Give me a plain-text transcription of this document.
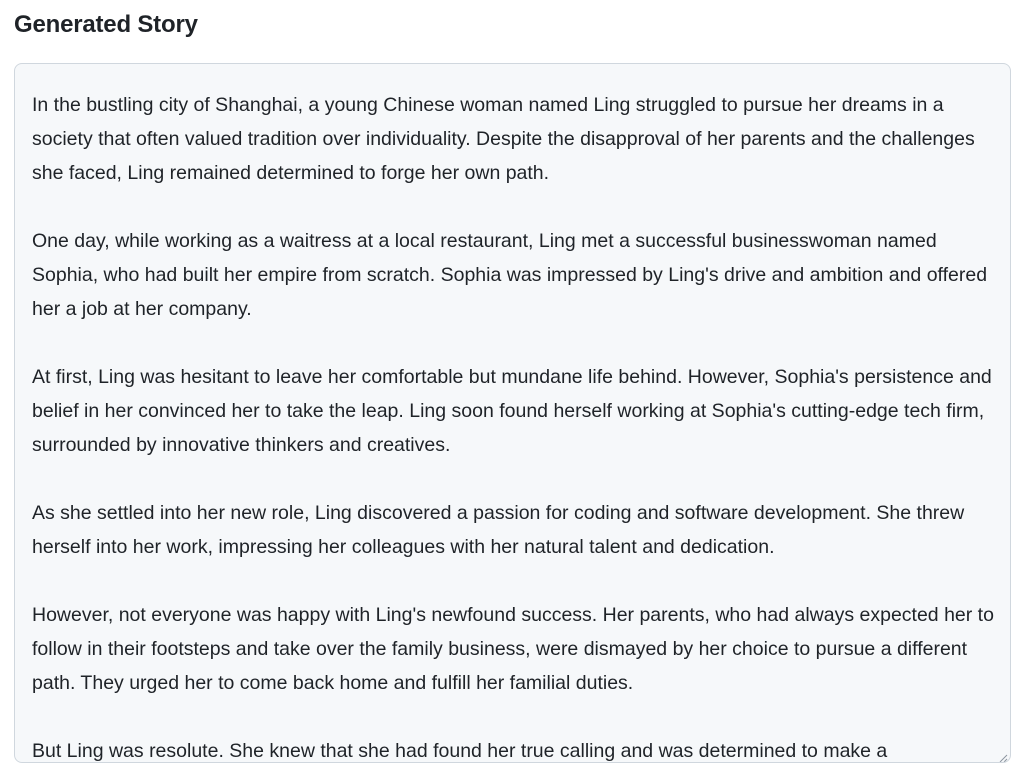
Generated Story

In the bustling city of Shanghai, a young Chinese woman named Ling struggled to pursue her dreams in a society that often valued tradition over individuality. Despite the disapproval of her parents and the challenges she faced, Ling remained determined to forge her own path.

One day, while working as a waitress at a local restaurant, Ling met a successful businesswoman named Sophia, who had built her empire from scratch. Sophia was impressed by Ling's drive and ambition and offered her a job at her company.

At first, Ling was hesitant to leave her comfortable but mundane life behind. However, Sophia's persistence and belief in her convinced her to take the leap. Ling soon found herself working at Sophia's cutting-edge tech firm, surrounded by innovative thinkers and creatives.

As she settled into her new role, Ling discovered a passion for coding and software development. She threw herself into her work, impressing her colleagues with her natural talent and dedication.

However, not everyone was happy with Ling's newfound success. Her parents, who had always expected her to follow in their footsteps and take over the family business, were dismayed by her choice to pursue a different path. They urged her to come back home and fulfill her familial duties.

But Ling was resolute. She knew that she had found her true calling and was determined to make a
